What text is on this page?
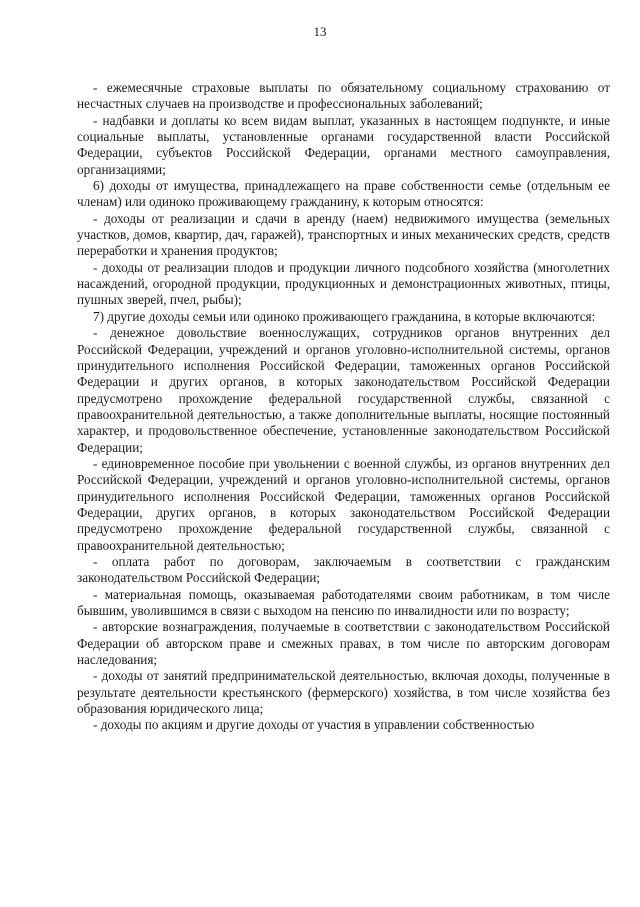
13

- ежемесячные страховые выплаты по обязательному социальному страхованию от несчастных случаев на производстве и профессиональных заболеваний;

- надбавки и доплаты ко всем видам выплат, указанных в настоящем подпункте, и иные социальные выплаты, установленные органами государственной власти Российской Федерации, субъектов Российской Федерации, органами местного самоуправления, организациями;

6) доходы от имущества, принадлежащего на праве собственности семье (отдельным ее членам) или одиноко проживающему гражданину, к которым относятся:

- доходы от реализации и сдачи в аренду (наем) недвижимого имущества (земельных участков, домов, квартир, дач, гаражей), транспортных и иных механических средств, средств переработки и хранения продуктов;

- доходы от реализации плодов и продукции личного подсобного хозяйства (многолетних насаждений, огородной продукции, продукционных и демонстрационных животных, птицы, пушных зверей, пчел, рыбы);

7) другие доходы семьи или одиноко проживающего гражданина, в которые включаются:

- денежное довольствие военнослужащих, сотрудников органов внутренних дел Российской Федерации, учреждений и органов уголовно-исполнительной системы, органов принудительного исполнения Российской Федерации, таможенных органов Российской Федерации и других органов, в которых законодательством Российской Федерации предусмотрено прохождение федеральной государственной службы, связанной с правоохранительной деятельностью, а также дополнительные выплаты, носящие постоянный характер, и продовольственное обеспечение, установленные законодательством Российской Федерации;

- единовременное пособие при увольнении с военной службы, из органов внутренних дел Российской Федерации, учреждений и органов уголовно-исполнительной системы, органов принудительного исполнения Российской Федерации, таможенных органов Российской Федерации, других органов, в которых законодательством Российской Федерации предусмотрено прохождение федеральной государственной службы, связанной с правоохранительной деятельностью;

- оплата работ по договорам, заключаемым в соответствии с гражданским законодательством Российской Федерации;

- материальная помощь, оказываемая работодателями своим работникам, в том числе бывшим, уволившимся в связи с выходом на пенсию по инвалидности или по возрасту;

- авторские вознаграждения, получаемые в соответствии с законодательством Российской Федерации об авторском праве и смежных правах, в том числе по авторским договорам наследования;

- доходы от занятий предпринимательской деятельностью, включая доходы, полученные в результате деятельности крестьянского (фермерского) хозяйства, в том числе хозяйства без образования юридического лица;

- доходы по акциям и другие доходы от участия в управлении собственностью
